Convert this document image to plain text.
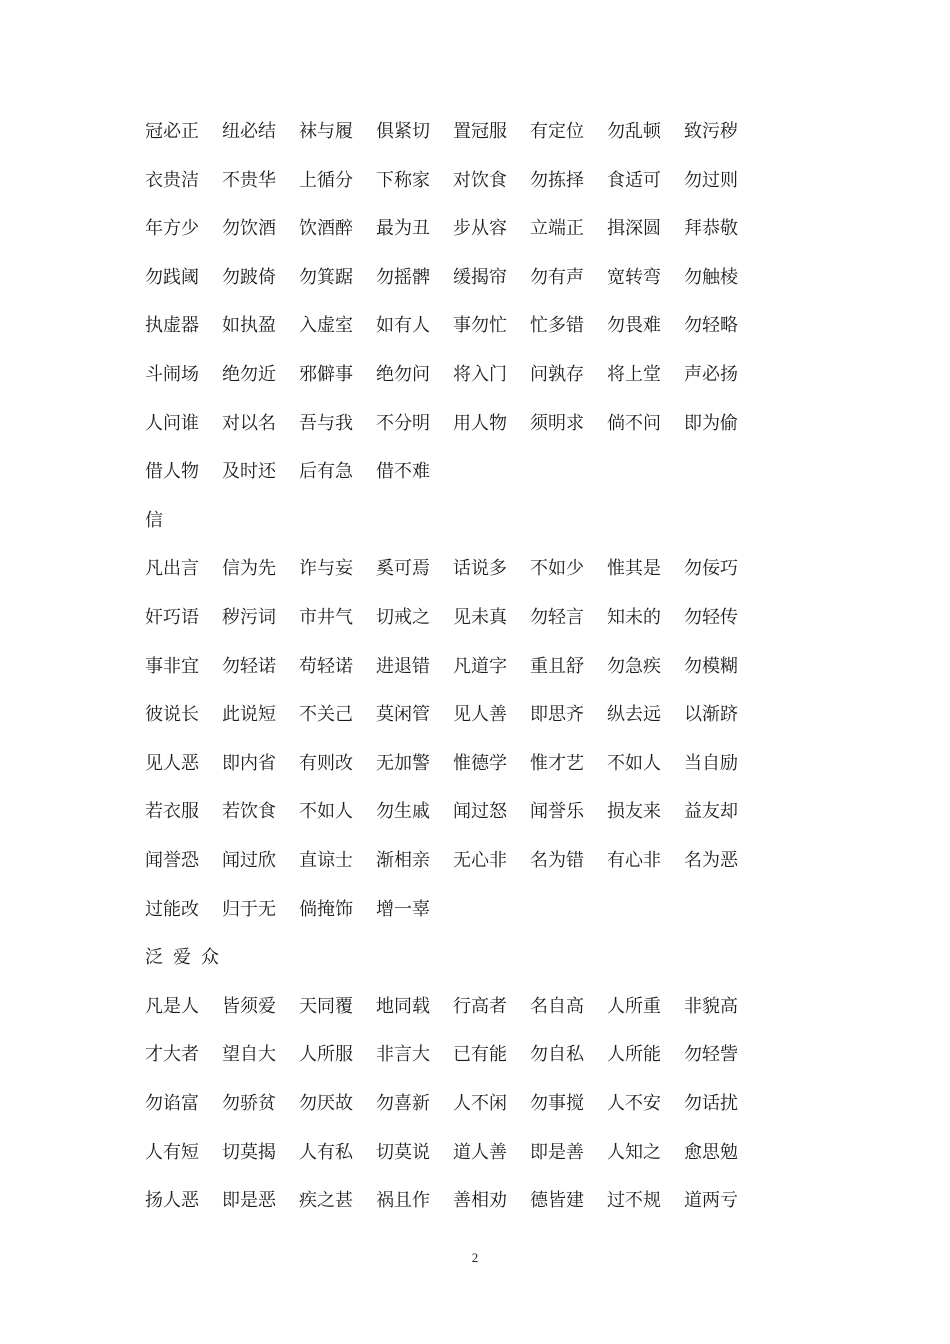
2
冠必正 纽必结 袜与履 俱紧切 置冠服 有定位 勿乱顿 致污秽
衣贵洁 不贵华 上循分 下称家 对饮食 勿拣择 食适可 勿过则
年方少 勿饮酒 饮酒醉 最为丑 步从容 立端正 揖深圆 拜恭敬
勿践阈 勿跛倚 勿箕踞 勿摇髀 缓揭帘 勿有声 宽转弯 勿触棱
执虚器 如执盈 入虚室 如有人 事勿忙 忙多错 勿畏难 勿轻略
斗闹场 绝勿近 邪僻事 绝勿问 将入门 问孰存 将上堂 声必扬
人问谁 对以名 吾与我 不分明 用人物 须明求 倘不问 即为偷
借人物 及时还 后有急 借不难
信
凡出言 信为先 诈与妄 奚可焉 话说多 不如少 惟其是 勿佞巧
奸巧语 秽污词 市井气 切戒之 见未真 勿轻言 知未的 勿轻传
事非宜 勿轻诺 苟轻诺 进退错 凡道字 重且舒 勿急疾 勿模糊
彼说长 此说短 不关己 莫闲管 见人善 即思齐 纵去远 以渐跻
见人恶 即内省 有则改 无加警 惟德学 惟才艺 不如人 当自励
若衣服 若饮食 不如人 勿生戚 闻过怒 闻誉乐 损友来 益友却
闻誉恐 闻过欣 直谅士 渐相亲 无心非 名为错 有心非 名为恶
过能改 归于无 倘掩饰 增一辜
泛爱众
凡是人 皆须爱 天同覆 地同载 行高者 名自高 人所重 非貌高
才大者 望自大 人所服 非言大 已有能 勿自私 人所能 勿轻訾
勿谄富 勿骄贫 勿厌故 勿喜新 人不闲 勿事搅 人不安 勿话扰
人有短 切莫揭 人有私 切莫说 道人善 即是善 人知之 愈思勉
扬人恶 即是恶 疾之甚 祸且作 善相劝 德皆建 过不规 道两亏
